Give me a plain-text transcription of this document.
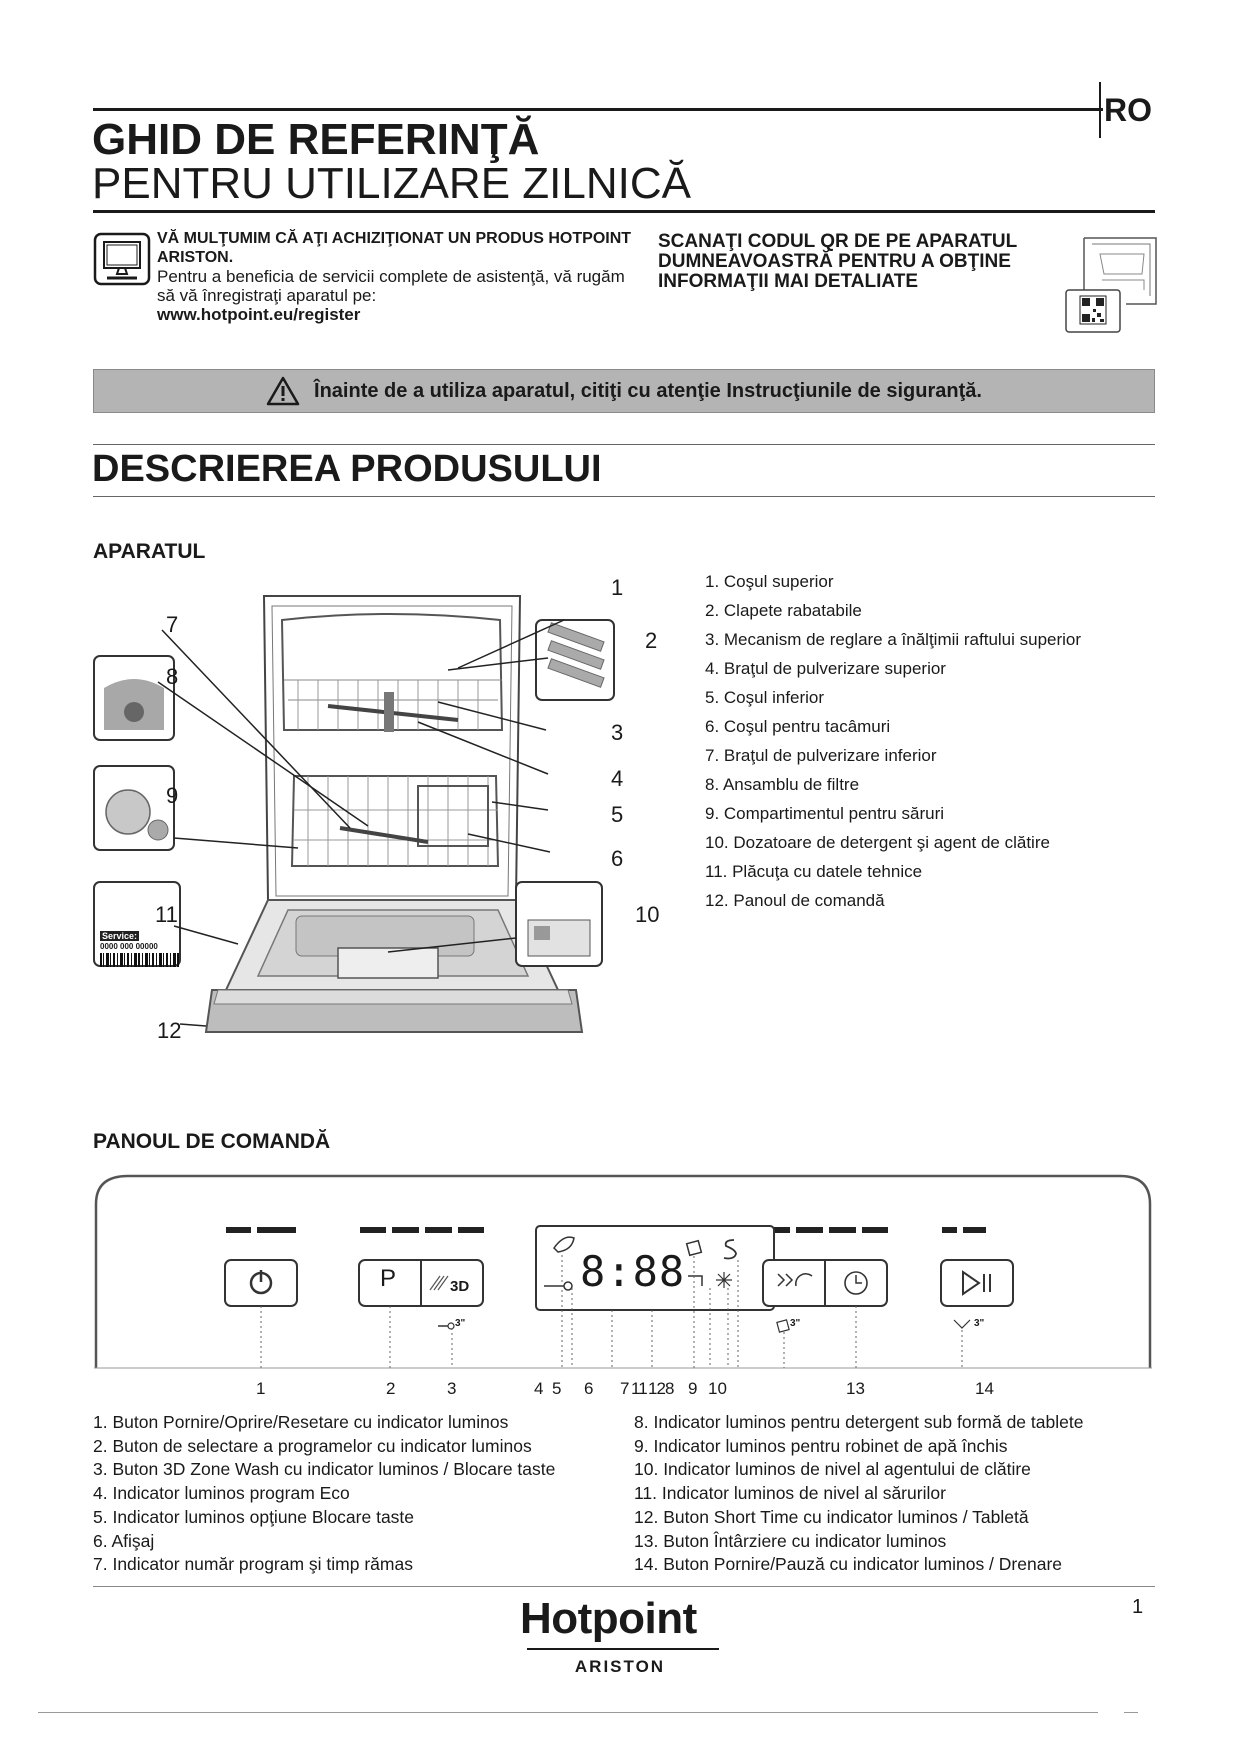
RO
GHID DE REFERINŢĂ
PENTRU UTILIZARE ZILNICĂ
VĂ MULŢUMIM CĂ AŢI ACHIZIŢIONAT UN PRODUS HOTPOINT ARISTON.
Pentru a beneficia de servicii complete de asistenţă, vă rugăm să vă înregistraţi aparatul pe:
www.hotpoint.eu/register
SCANAŢI CODUL QR DE PE APARATUL DUMNEAVOASTRĂ PENTRU A OBŢINE INFORMAŢII MAI DETALIATE
Înainte de a utiliza aparatul, citiţi cu atenţie Instrucţiunile de siguranţă.
DESCRIEREA PRODUSULUI
APARATUL
1
2
3
4
5
6
7
8
9
10
11
12
Service:
0000 000 00000
1. Coşul superior
2. Clapete rabatabile
3. Mecanism de reglare a înălţimii raftului superior
4. Braţul de pulverizare superior
5. Coşul inferior
6. Coşul pentru tacâmuri
7. Braţul de pulverizare inferior
8. Ansamblu de filtre
9. Compartimentul pentru săruri
10. Dozatoare de detergent şi agent de clătire
11. Plăcuţa cu datele tehnice
12. Panoul de comandă
PANOUL DE COMANDĂ
P	3D	8:88
3"	3"	3"
1	2	3	4 5 6 7 11 12 8 9 10	13	14
1. Buton Pornire/Oprire/Resetare cu indicator luminos
2. Buton de selectare a programelor cu indicator luminos
3. Buton 3D Zone Wash cu indicator luminos / Blocare taste
4. Indicator luminos program Eco
5. Indicator luminos opţiune Blocare taste
6. Afişaj
7. Indicator număr program şi timp rămas
8. Indicator luminos pentru detergent sub formă de tablete
9. Indicator luminos pentru robinet de apă închis
10. Indicator luminos de nivel al agentului de clătire
11. Indicator luminos de nivel al sărurilor
12. Buton Short Time cu indicator luminos / Tabletă
13. Buton Întârziere cu indicator luminos
14. Buton Pornire/Pauză cu indicator luminos / Drenare
Hotpoint
ARISTON
1
